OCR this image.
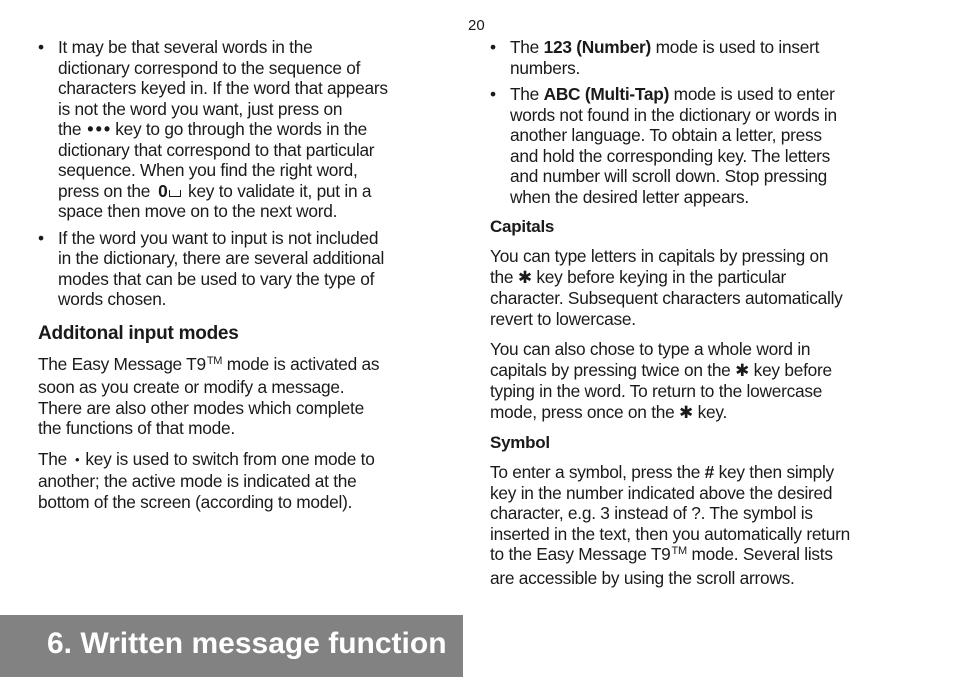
20
• It may be that several words in the dictionary correspond to the sequence of characters keyed in. If the word that appears is not the word you want, just press on the ••• key to go through the words in the dictionary that correspond to that particular sequence. When you find the right word, press on the 0 key to validate it, put in a space then move on to the next word.
• If the word you want to input is not included in the dictionary, there are several additional modes that can be used to vary the type of words chosen.
Additonal input modes

The Easy Message T9™ mode is activated as soon as you create or modify a message. There are also other modes which complete the functions of that mode.

The • key is used to switch from one mode to another; the active mode is indicated at the bottom of the screen (according to model).

• The 123 (Number) mode is used to insert numbers.
• The ABC (Multi-Tap) mode is used to enter words not found in the dictionary or words in another language. To obtain a letter, press and hold the corresponding key. The letters and number will scroll down. Stop pressing when the desired letter appears.
Capitals

You can type letters in capitals by pressing on the ✱ key before keying in the particular character. Subsequent characters automatically revert to lowercase.

You can also chose to type a whole word in capitals by pressing twice on the ✱ key before typing in the word. To return to the lowercase mode, press once on the ✱ key.

Symbol

To enter a symbol, press the # key then simply key in the number indicated above the desired character, e.g. 3 instead of ?. The symbol is inserted in the text, then you automatically return to the Easy Message T9™ mode. Several lists are accessible by using the scroll arrows.

6. Written message function
